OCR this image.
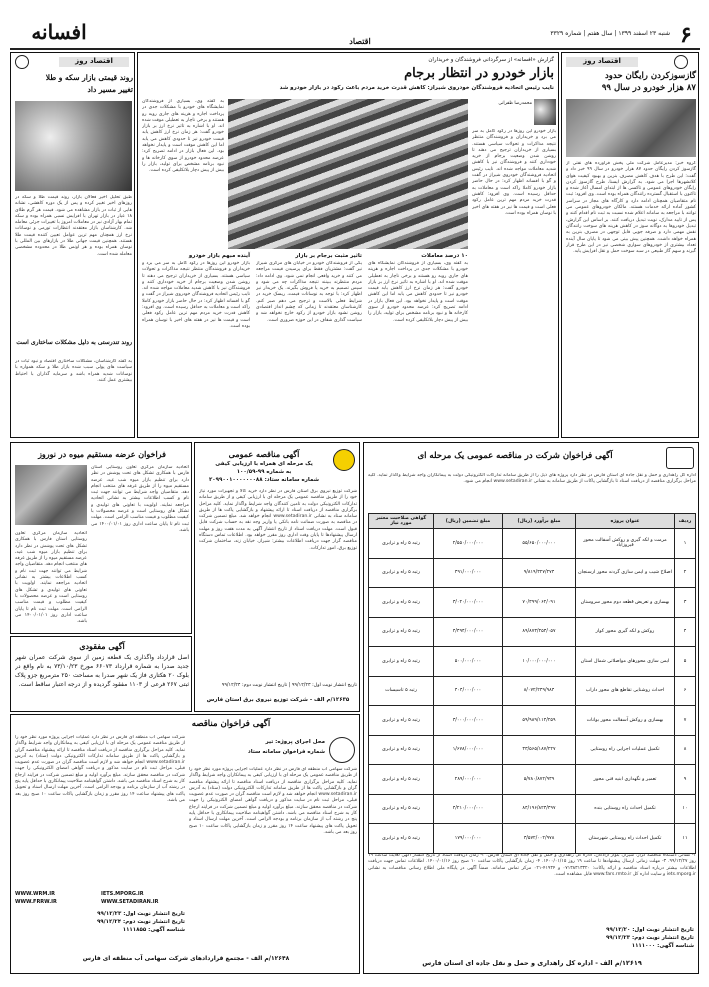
۶
شنبه ۲۳ اسفند ۱۳۹۹ | سال هفتم | شماره ۳۳۲۹
افسانه	اقتصاد
اقتصاد روز
گازسوزکردن رایگان حدود
۸۷ هزار خودرو در سال ۹۹
گروه خبر: مدیرعامل شرکت ملی پخش فرآورده های نفتی از گازسوز کردن رایگان حدود ۸۷ هزار خودرو در سال ۹۹ خبر داد و گفت: این طرح با هدف کاهش مصرف بنزین و بهبود کیفیت هوای کلانشهرها اجرا می شود. به گزارش ایسنا، طرح گازسوز کردن رایگان خودروهای عمومی و تاکسی ها از ابتدای امسال آغاز شده و تاکنون با استقبال گسترده رانندگان همراه بوده است. وی افزود: ثبت نام متقاضیان همچنان ادامه دارد و کارگاه های مجاز در سراسر کشور آماده ارائه خدمات هستند. مالکان خودروهای عمومی می توانند با مراجعه به سامانه اعلام شده نسبت به ثبت نام اقدام کنند و پس از تایید مدارک، نوبت تبدیل دریافت کنند. بر اساس این گزارش، تبدیل خودروها به دوگانه سوز در کاهش هزینه های سوخت رانندگان نقش مهمی دارد و صرفه جویی قابل توجهی در مصرف بنزین به همراه خواهد داشت. همچنین پیش بینی می شود تا پایان سال آینده تعداد بیشتری از خودروهای سواری شخصی نیز در این طرح قرار گیرند و سهم گاز طبیعی در سبد سوخت حمل و نقل افزایش یابد.
گزارش «افسانه» از سرگردانی فروشندگان و خریداران
بازار خودرو در انتظار برجام
نایب رئیس اتحادیه فروشندگان خودروی شیراز: کاهش قدرت خرید مردم باعث رکود در بازار خودرو شد
محمدرضا ظفرانی
بازار خودرو این روزها در رکود کامل به سر می برد و خریداران و فروشندگان منتظر نتیجه مذاکرات و تحولات سیاسی هستند. بسیاری از خریداران ترجیح می دهند تا روشن شدن وضعیت برجام از خرید خودداری کنند و فروشندگان نیز با کاهش شدید معاملات مواجه شده اند. نایب رئیس اتحادیه فروشندگان خودروی شیراز در گفت و گو با افسانه اظهار کرد: در حال حاضر بازار خودرو کاملا راکد است و معاملات به حداقل رسیده است. وی افزود: کاهش قدرت خرید مردم مهم ترین عامل رکود فعلی است و قیمت ها نیز در هفته های اخیر با نوسان همراه بوده است.
به گفته وی، بسیاری از فروشندگان نمایشگاه های خودرو با مشکلات جدی در پرداخت اجاره و هزینه های جاری روبه رو هستند و برخی ناچار به تعطیلی موقت شده اند. او با اشاره به تاثیر نرخ ارز بر بازار خودرو گفت: هر زمان نرخ ارز کاهش یابد قیمت خودرو نیز تا حدودی کاهش می یابد اما این کاهش موقت است و پایدار نخواهد بود. این فعال بازار در ادامه تصریح کرد: عرضه محدود خودرو از سوی کارخانه ها و نبود برنامه مشخص برای تولید، بازار را بیش از پیش دچار بلاتکلیفی کرده است.
۱۰ درصد معاملات
به گفته وی، بسیاری از فروشندگان نمایشگاه های خودرو با مشکلات جدی در پرداخت اجاره و هزینه های جاری روبه رو هستند و برخی ناچار به تعطیلی موقت شده اند. او با اشاره به تاثیر نرخ ارز بر بازار خودرو گفت: هر زمان نرخ ارز کاهش یابد قیمت خودرو نیز تا حدودی کاهش می یابد اما این کاهش موقت است و پایدار نخواهد بود. این فعال بازار در ادامه تصریح کرد: عرضه محدود خودرو از سوی کارخانه ها و نبود برنامه مشخص برای تولید، بازار را بیش از پیش دچار بلاتکلیفی کرده است.
تاثیر مثبت برجام بر بازار
یکی از فروشندگان خودرو در خیابان های مرکزی شیراز نیز گفت: مشتریان فقط برای پرسیدن قیمت مراجعه می کنند و خرید واقعی انجام نمی شود. وی ادامه داد: مردم منتظرند ببینند نتیجه مذاکرات چه می شود و سپس تصمیم به خرید یا فروش بگیرند. یک خریدار نیز اظهار کرد: با توجه به نوسانات قیمت، ریسک خرید در شرایط فعلی بالاست و ترجیح می دهم صبر کنم. کارشناسان معتقدند تا زمانی که چشم انداز اقتصادی روشن نشود بازار خودرو از رکود خارج نخواهد شد و سیاست گذاری شفاف در این حوزه ضروری است.
آینده مبهم بازار خودرو
بازار خودرو این روزها در رکود کامل به سر می برد و خریداران و فروشندگان منتظر نتیجه مذاکرات و تحولات سیاسی هستند. بسیاری از خریداران ترجیح می دهند تا روشن شدن وضعیت برجام از خرید خودداری کنند و فروشندگان نیز با کاهش شدید معاملات مواجه شده اند. نایب رئیس اتحادیه فروشندگان خودروی شیراز در گفت و گو با افسانه اظهار کرد: در حال حاضر بازار خودرو کاملا راکد است و معاملات به حداقل رسیده است. وی افزود: کاهش قدرت خرید مردم مهم ترین عامل رکود فعلی است و قیمت ها نیز در هفته های اخیر با نوسان همراه بوده است.
اقتصاد روز
روند قیمتی بازار سکه و طلا
تغییر مسیر داد
طبق تحلیل اخیر فعالان بازار، روند قیمت طلا و سکه در روزهای اخیر تغییر کرده و پس از یک دوره کاهشی، نشانه هایی از ثبات در بازار مشاهده می شود. قیمت هر گرم طلای ۱۸ عیار در بازار تهران با افزایش نسبی همراه بوده و سکه تمام بهار آزادی نیز در معاملات امروز با تغییرات جزئی معامله شد. کارشناسان بازار معتقدند انتظارات تورمی و نوسانات نرخ ارز همچنان مهم ترین عوامل تعیین کننده قیمت طلا هستند. همچنین قیمت جهانی طلا در بازارهای بین المللی با نوسان همراه بوده و هر اونس طلا در محدوده مشخصی معامله شده است.
روند تندرستی به دلیل مشکلات ساختاری است
به گفته کارشناسان، مشکلات ساختاری اقتصاد و نبود ثبات در سیاست های پولی سبب شده بازار طلا و سکه همواره با نوسانات شدید همراه باشد و سرمایه گذاران با احتیاط بیشتری عمل کنند.
آگهی فراخوان شرکت در مناقصه عمومی یک مرحله ای
اداره کل راهداری و حمل و نقل جاده ای استان فارس در نظر دارد پروژه های ذیل را از طریق سامانه تدارکات الکترونیکی دولت به پیمانکاران واجد شرایط واگذار نماید. کلیه مراحل برگزاری مناقصه از دریافت اسناد تا بازگشایی پاکات از طریق سامانه به نشانی www.setadiran.ir انجام می شود.
ردیف	عنوان پروژه	مبلغ برآورد (ریال)	مبلغ تضمین (ریال)	گواهی صلاحیت معتبر مورد نیاز
۱	مرمت و لکه گیری و روکش آسفالت محور فیروزآباد	۵۵/۶۵۰/۰۰۰/۰۰۰	۲/۵۵۰/۰۰۰/۰۰۰	رتبه ۵ راه و ترابری
۲	اصلاح شیب و ایمن سازی گردنه محور ارسنجان	۹/۸۱۹/۳۲۷/۲۷۴	۴۹۱/۰۰۰/۰۰۰	رتبه ۵ راه و ترابری
۳	بهسازی و تعریض قطعه دوم محور سروستان	۷۰/۳۹۹/۰۶۲/۰۹۱	۳/۰۲۰/۰۰۰/۰۰۰	رتبه ۵ راه و ترابری
۴	روکش و لکه گیری محور کوار	۸۹/۸۷۳/۴۵۳/۰۵۷	۴/۴۹۴/۰۰۰/۰۰۰	رتبه ۵ راه و ترابری
۵	ایمن سازی محورهای مواصلاتی شمال استان	۱۰/۰۰۰/۰۰۰/۰۰۰	۵۰۰/۰۰۰/۰۰۰	رتبه ۵ راه و ترابری
۶	احداث روشنایی تقاطع های محور داراب	۸/۰۷۲/۲۴۹/۹۸۴	۴۰۴/۰۰۰/۰۰۰	رتبه ۵ تاسیسات
۷	بهسازی و روکش آسفالت محور بوانات	۵۹/۹۸۹/۱۱۴/۲۵۹	۳/۰۰۰/۰۰۰/۰۰۰	رتبه ۵ راه و ترابری
۸	تکمیل عملیات اجرایی راه روستایی	۳۳/۵۶۵/۱۸۷/۲۲۷	۱/۶۷۸/۰۰۰/۰۰۰	رتبه ۵ راه و ترابری
۹	تعمیر و نگهداری ابنیه فنی محور	۵/۷۸۰/۸۷۲/۹۳۹	۲۸۹/۰۰۰/۰۰۰	رتبه ۵ راه و ترابری
۱۰	تکمیل احداث راه روستایی بنده	۸۴/۱۹۶/۸۲۳/۴۹۷	۴/۲۱۰/۰۰۰/۰۰۰	رتبه ۵ راه و ترابری
۱۱	تکمیل احداث راه روستایی شهرستان	۳/۵۷۲/۰۰۲/۹۷۸	۱۷۹/۰۰۰/۰۰۰	رتبه ۵ راه و ترابری
۱- نشانی دستگاه مناقصه گزار: شیراز، بلوار آزادگان، اداره کل راهداری و حمل و نقل جاده ای استان فارس. ۲- زمان دریافت اسناد از تاریخ انتشار آگهی لغایت ساعت ۱۹ روز ۹۹/۱۲/۲۷. ۳- مهلت زمانی ارسال پیشنهادها تا ساعت ۱۹ روز ۱۴۰۰/۰۱/۱۵. ۴- زمان بازگشایی پاکات ساعت ۱۰ صبح روز ۱۴۰۰/۰۱/۱۶. اطلاعات تماس جهت دریافت اطلاعات بیشتر درباره اسناد مناقصه و ارائه پاکات: ۰۷۱۳۸۳۱۳۳۲۰ و ۴۱۹۳۴-۰۲۱ مرکز تماس سامانه. ضمناً آگهی در پایگاه ملی اطلاع رسانی مناقصات به نشانی iets.mporg.ir و سایت اداره کل www.fars.rmto.ir قابل مشاهده است.
تاریخ انتشار نوبت اول: ۹۹/۱۲/۲۰
تاریخ انتشار نوبت دوم: ۹۹/۱۲/۲۳
شناسه آگهی: ۱۱۱۱۰۰۰
۱۲۶۱۹/م الف - اداره کل راهداری و حمل و نقل جاده ای استان فارس
آگهی مناقصه عمومی
یک مرحله ای همراه با ارزیابی کیفی
به شماره ۹۹-۱۰۰/۵۹
شماره سامانه ستاد: ۲۰۹۹۰۰۱۰۰۰۰۰۰۰۸۸
شرکت توزیع نیروی برق استان فارس در نظر دارد خرید کالا و تجهیزات مورد نیاز خود را از طریق مناقصه عمومی یک مرحله ای با ارزیابی کیفی و از طریق سامانه تدارکات الکترونیکی دولت به تامین کنندگان واجد شرایط واگذار نماید. کلیه مراحل برگزاری مناقصه از دریافت اسناد تا ارائه پیشنهاد و بازگشایی پاکت ها از طریق سامانه ستاد به نشانی www.setadiran.ir انجام خواهد شد. مبلغ تضمین شرکت در مناقصه به صورت ضمانت نامه بانکی یا واریز وجه نقد به حساب شرکت قابل قبول است. مهلت دریافت اسناد از تاریخ انتشار آگهی به مدت هفت روز و مهلت ارسال پیشنهادها تا پایان وقت اداری روز مقرر خواهد بود. اطلاعات تماس دستگاه مناقصه گزار جهت دریافت اطلاعات بیشتر: شیراز، خیابان زند، ساختمان شرکت توزیع برق، امور تدارکات.
تاریخ انتشار نوبت اول: ۹۹/۱۲/۲۳ | تاریخ انتشار نوبت دوم: ۹۹/۱۲/۲۴
۱۲۶۳۵/م الف - شرکت توزیع نیروی برق استان فارس
فراخوان عرضه مستقیم میوه در نوروز
اتحادیه سازمان مرکزی تعاون روستایی استان فارس با همکاری تشکل های تحت پوشش در نظر دارد برای تنظیم بازار میوه شب عید، عرضه مستقیم میوه را از طریق غرفه های منتخب انجام دهد. متقاضیان واجد شرایط می توانند جهت ثبت نام و کسب اطلاعات بیشتر به نشانی اتحادیه مراجعه نمایند. اولویت با تعاونی های تولیدی و تشکل های روستایی است و عرضه محصولات با کیفیت مطلوب و قیمت مناسب الزامی است. مهلت ثبت نام تا پایان ساعت اداری روز ۱۴۰۰/۰۱/۰۱ می باشد.
اتحادیه سازمان مرکزی تعاون روستایی استان فارس با همکاری تشکل های تحت پوشش در نظر دارد برای تنظیم بازار میوه شب عید، عرضه مستقیم میوه را از طریق غرفه های منتخب انجام دهد. متقاضیان واجد شرایط می توانند جهت ثبت نام و کسب اطلاعات بیشتر به نشانی اتحادیه مراجعه نمایند. اولویت با تعاونی های تولیدی و تشکل های روستایی است و عرضه محصولات با کیفیت مطلوب و قیمت مناسب الزامی است. مهلت ثبت نام تا پایان ساعت اداری روز ۱۴۰۰/۰۱/۰۱ می باشد.
آگهی مفقودی
اصل قرارداد واگذاری یک قطعه زمین از سوی شرکت عمران شهر جدید صدرا به شماره قرارداد ۶۶۰۷۳ مورخ ۷۳/۱۰/۲۳ به نام واقع در بلوک ۲۰ هکتاری فاز یک شهر صدرا به مساحت ۲۵۰ مترمربع جزو پلاک ثبتی ۲۶۷ فرعی از ۱۱۰۳ مفقود گردیده و از درجه اعتبار ساقط است.
آگهی فراخوان مناقصه
شرکت سهامی آب منطقه ای فارس در نظر دارد عملیات اجرایی پروژه مورد نظر خود را از طریق مناقصه عمومی یک مرحله ای با ارزیابی کیفی به پیمانکاران واجد شرایط واگذار نماید. کلیه مراحل برگزاری مناقصه از دریافت اسناد مناقصه تا ارائه پیشنهاد مناقصه گران و بازگشایی پاکت ها از طریق سامانه تدارکات الکترونیکی دولت (ستاد) به آدرس www.setadiran.ir انجام خواهد شد و لازم است مناقصه گران در صورت عدم عضویت قبلی، مراحل ثبت نام در سایت مذکور و دریافت گواهی امضای الکترونیکی را جهت شرکت در مناقصه محقق سازند. مبلغ برآورد اولیه و مبلغ تضمین شرکت در فرایند ارجاع کار به شرح اسناد مناقصه می باشد. داشتن گواهینامه صلاحیت پیمانکاری با حداقل پایه پنج در رشته آب از سازمان برنامه و بودجه الزامی است. آخرین مهلت ارسال اسناد و تحویل پاکت های پیشنهاد ساعت ۱۴ روز مقرر و زمان بازگشایی پاکات ساعت ۱۰ صبح روز بعد می باشد.
محل اجرای پروژه: تیر
شماره فراخوان سامانه ستاد
شرکت سهامی آب منطقه ای فارس در نظر دارد عملیات اجرایی پروژه مورد نظر خود را از طریق مناقصه عمومی یک مرحله ای با ارزیابی کیفی به پیمانکاران واجد شرایط واگذار نماید. کلیه مراحل برگزاری مناقصه از دریافت اسناد مناقصه تا ارائه پیشنهاد مناقصه گران و بازگشایی پاکت ها از طریق سامانه تدارکات الکترونیکی دولت (ستاد) به آدرس www.setadiran.ir انجام خواهد شد و لازم است مناقصه گران در صورت عدم عضویت قبلی، مراحل ثبت نام در سایت مذکور و دریافت گواهی امضای الکترونیکی را جهت شرکت در مناقصه محقق سازند. مبلغ برآورد اولیه و مبلغ تضمین شرکت در فرایند ارجاع کار به شرح اسناد مناقصه می باشد. داشتن گواهینامه صلاحیت پیمانکاری با حداقل پایه پنج در رشته آب از سازمان برنامه و بودجه الزامی است. آخرین مهلت ارسال اسناد و تحویل پاکت های پیشنهاد ساعت ۱۴ روز مقرر و زمان بازگشایی پاکات ساعت ۱۰ صبح روز بعد می باشد.
WWW.WRM.IR
WWW.FRRW.IR
IETS.MPORG.IR
WWW.SETADIRAN.IR
تاریخ انتشار نوبت اول: ۹۹/۱۲/۲۳
تاریخ انتشار نوبت دوم: ۹۹/۱۲/۲۴
شناسه آگهی: ۱۱۱۱۸۵۵
۱۲۶۴۸/م الف - مجتمع قراردادهای شرکت سهامی آب منطقه ای فارس
